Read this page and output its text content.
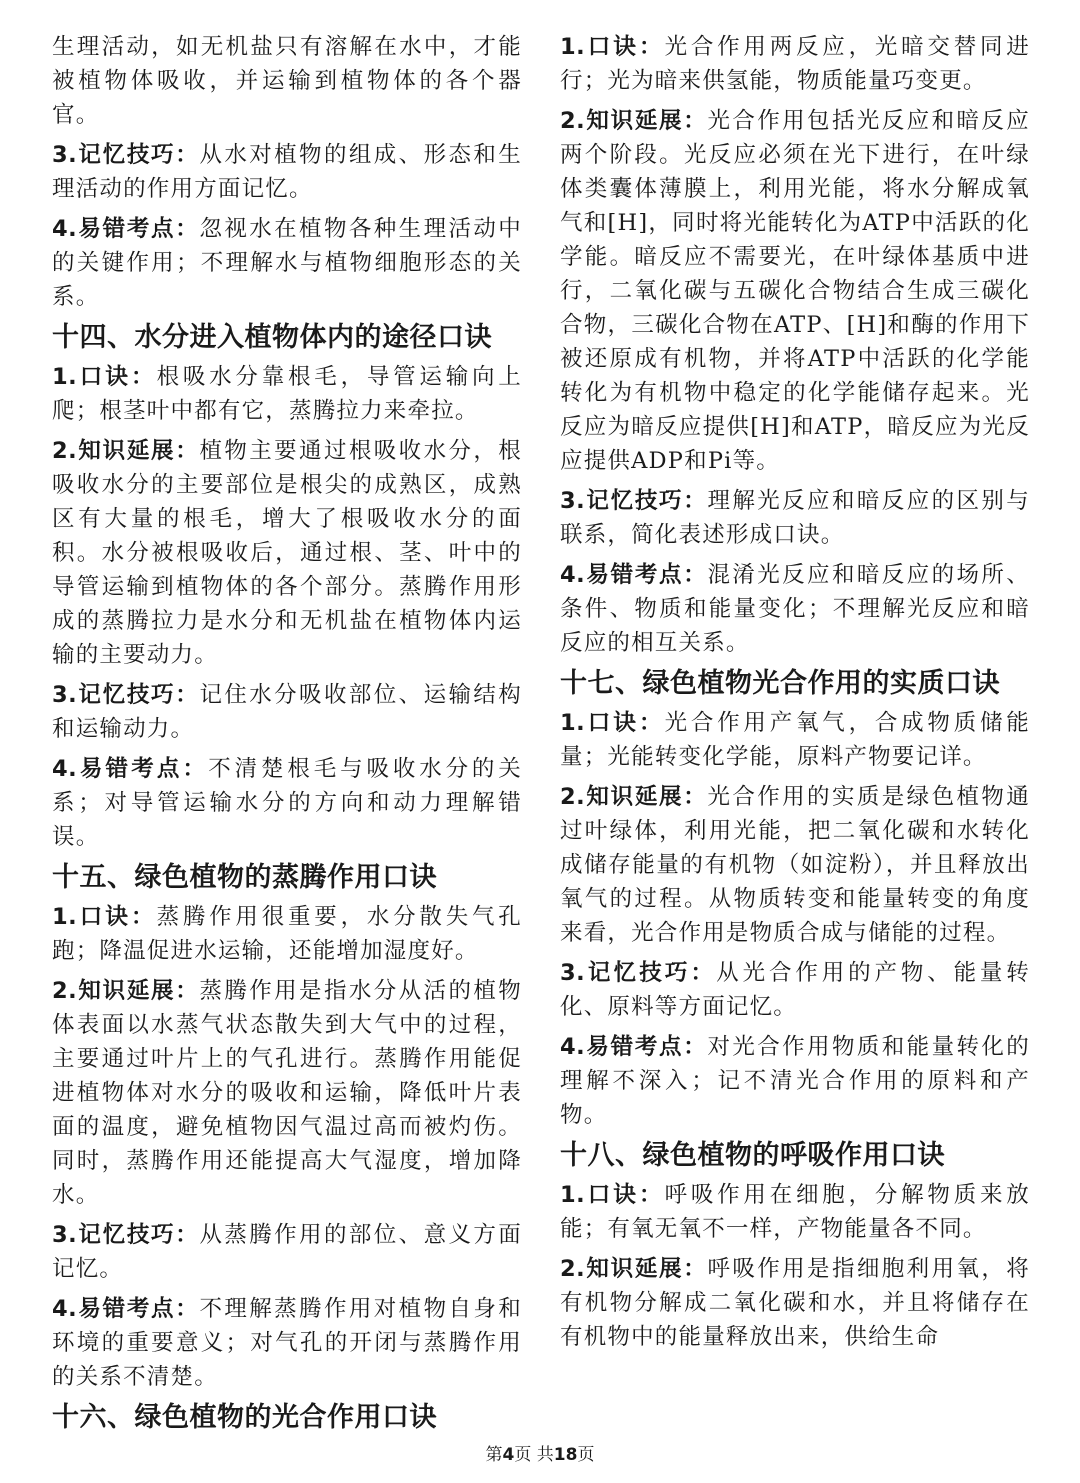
生理活动，如无机盐只有溶解在水中，才能被植物体吸收，并运输到植物体的各个器官。

3.记忆技巧：从水对植物的组成、形态和生理活动的作用方面记忆。

4.易错考点：忽视水在植物各种生理活动中的关键作用；不理解水与植物细胞形态的关系。

十四、水分进入植物体内的途径口诀

1.口诀：根吸水分靠根毛，导管运输向上爬；根茎叶中都有它，蒸腾拉力来牵拉。

2.知识延展：植物主要通过根吸收水分，根吸收水分的主要部位是根尖的成熟区，成熟区有大量的根毛，增大了根吸收水分的面积。水分被根吸收后，通过根、茎、叶中的导管运输到植物体的各个部分。蒸腾作用形成的蒸腾拉力是水分和无机盐在植物体内运输的主要动力。

3.记忆技巧：记住水分吸收部位、运输结构和运输动力。

4.易错考点：不清楚根毛与吸收水分的关系；对导管运输水分的方向和动力理解错误。

十五、绿色植物的蒸腾作用口诀

1.口诀：蒸腾作用很重要，水分散失气孔跑；降温促进水运输，还能增加湿度好。

2.知识延展：蒸腾作用是指水分从活的植物体表面以水蒸气状态散失到大气中的过程，主要通过叶片上的气孔进行。蒸腾作用能促进植物体对水分的吸收和运输，降低叶片表面的温度，避免植物因气温过高而被灼伤。同时，蒸腾作用还能提高大气湿度，增加降水。

3.记忆技巧：从蒸腾作用的部位、意义方面记忆。

4.易错考点：不理解蒸腾作用对植物自身和环境的重要意义；对气孔的开闭与蒸腾作用的关系不清楚。

十六、绿色植物的光合作用口诀

1.口诀：光合作用两反应，光暗交替同进行；光为暗来供氢能，物质能量巧变更。

2.知识延展：光合作用包括光反应和暗反应两个阶段。光反应必须在光下进行，在叶绿体类囊体薄膜上，利用光能，将水分解成氧气和[H]，同时将光能转化为ATP中活跃的化学能。暗反应不需要光，在叶绿体基质中进行，二氧化碳与五碳化合物结合生成三碳化合物，三碳化合物在ATP、[H]和酶的作用下被还原成有机物，并将ATP中活跃的化学能转化为有机物中稳定的化学能储存起来。光反应为暗反应提供[H]和ATP，暗反应为光反应提供ADP和Pi等。

3.记忆技巧：理解光反应和暗反应的区别与联系，简化表述形成口诀。

4.易错考点：混淆光反应和暗反应的场所、条件、物质和能量变化；不理解光反应和暗反应的相互关系。

十七、绿色植物光合作用的实质口诀

1.口诀：光合作用产氧气，合成物质储能量；光能转变化学能，原料产物要记详。

2.知识延展：光合作用的实质是绿色植物通过叶绿体，利用光能，把二氧化碳和水转化成储存能量的有机物（如淀粉），并且释放出氧气的过程。从物质转变和能量转变的角度来看，光合作用是物质合成与储能的过程。

3.记忆技巧：从光合作用的产物、能量转化、原料等方面记忆。

4.易错考点：对光合作用物质和能量转化的理解不深入；记不清光合作用的原料和产物。

十八、绿色植物的呼吸作用口诀

1.口诀：呼吸作用在细胞，分解物质来放能；有氧无氧不一样，产物能量各不同。

2.知识延展：呼吸作用是指细胞利用氧，将有机物分解成二氧化碳和水，并且将储存在有机物中的能量释放出来，供给生命

第4页 共18页
